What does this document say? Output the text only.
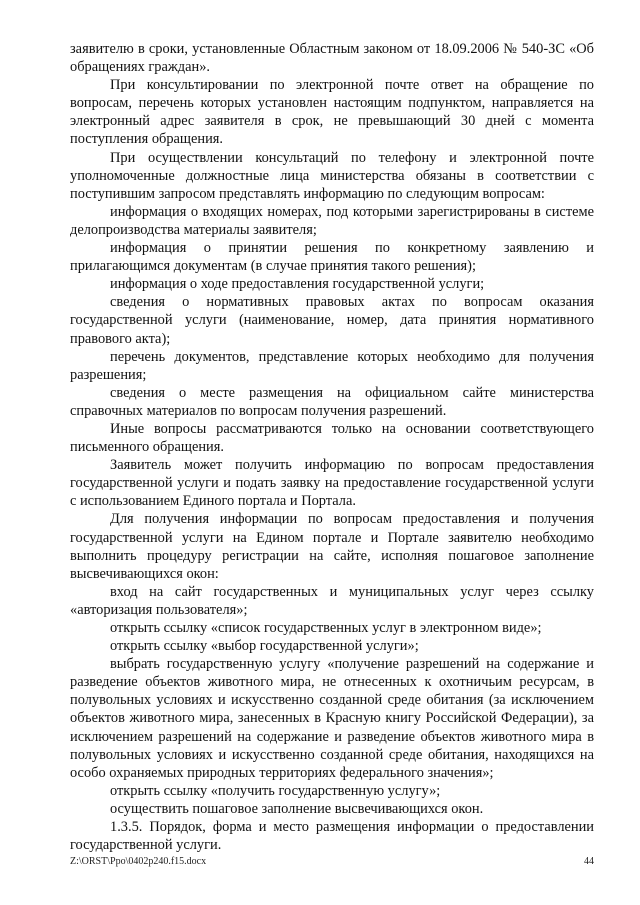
заявителю в сроки, установленные Областным законом от 18.09.2006 № 540-ЗС «Об обращениях граждан».

При консультировании по электронной почте ответ на обращение по вопросам, перечень которых установлен настоящим подпунктом, направляется на электронный адрес заявителя в срок, не превышающий 30 дней с момента поступления обращения.

При осуществлении консультаций по телефону и электронной почте уполномоченные должностные лица министерства обязаны в соответствии с поступившим запросом представлять информацию по следующим вопросам:

информация о входящих номерах, под которыми зарегистрированы в системе делопроизводства материалы заявителя;

информация о принятии решения по конкретному заявлению и прилагающимся документам (в случае принятия такого решения);

информация о ходе предоставления государственной услуги;

сведения о нормативных правовых актах по вопросам оказания государственной услуги (наименование, номер, дата принятия нормативного правового акта);

перечень документов, представление которых необходимо для получения разрешения;

сведения о месте размещения на официальном сайте министерства справочных материалов по вопросам получения разрешений.

Иные вопросы рассматриваются только на основании соответствующего письменного обращения.

Заявитель может получить информацию по вопросам предоставления государственной услуги и подать заявку на предоставление государственной услуги с использованием Единого портала и Портала.

Для получения информации по вопросам предоставления и получения государственной услуги на Едином портале и Портале заявителю необходимо выполнить процедуру регистрации на сайте, исполняя пошаговое заполнение высвечивающихся окон:

вход на сайт государственных и муниципальных услуг через ссылку «авторизация пользователя»;

открыть ссылку «список государственных услуг в электронном виде»;

открыть ссылку «выбор государственной услуги»;

выбрать государственную услугу «получение разрешений на содержание и разведение объектов животного мира, не отнесенных к охотничьим ресурсам, в полувольных условиях и искусственно созданной среде обитания (за исключением объектов животного мира, занесенных в Красную книгу Российской Федерации), за исключением разрешений на содержание и разведение объектов животного мира в полувольных условиях и искусственно созданной среде обитания, находящихся на особо охраняемых природных территориях федерального значения»;

открыть ссылку «получить государственную услугу»;

осуществить пошаговое заполнение высвечивающихся окон.

1.3.5. Порядок, форма и место размещения информации о предоставлении государственной услуги.

Z:\ORST\Ppo\0402p240.f15.docx	44
